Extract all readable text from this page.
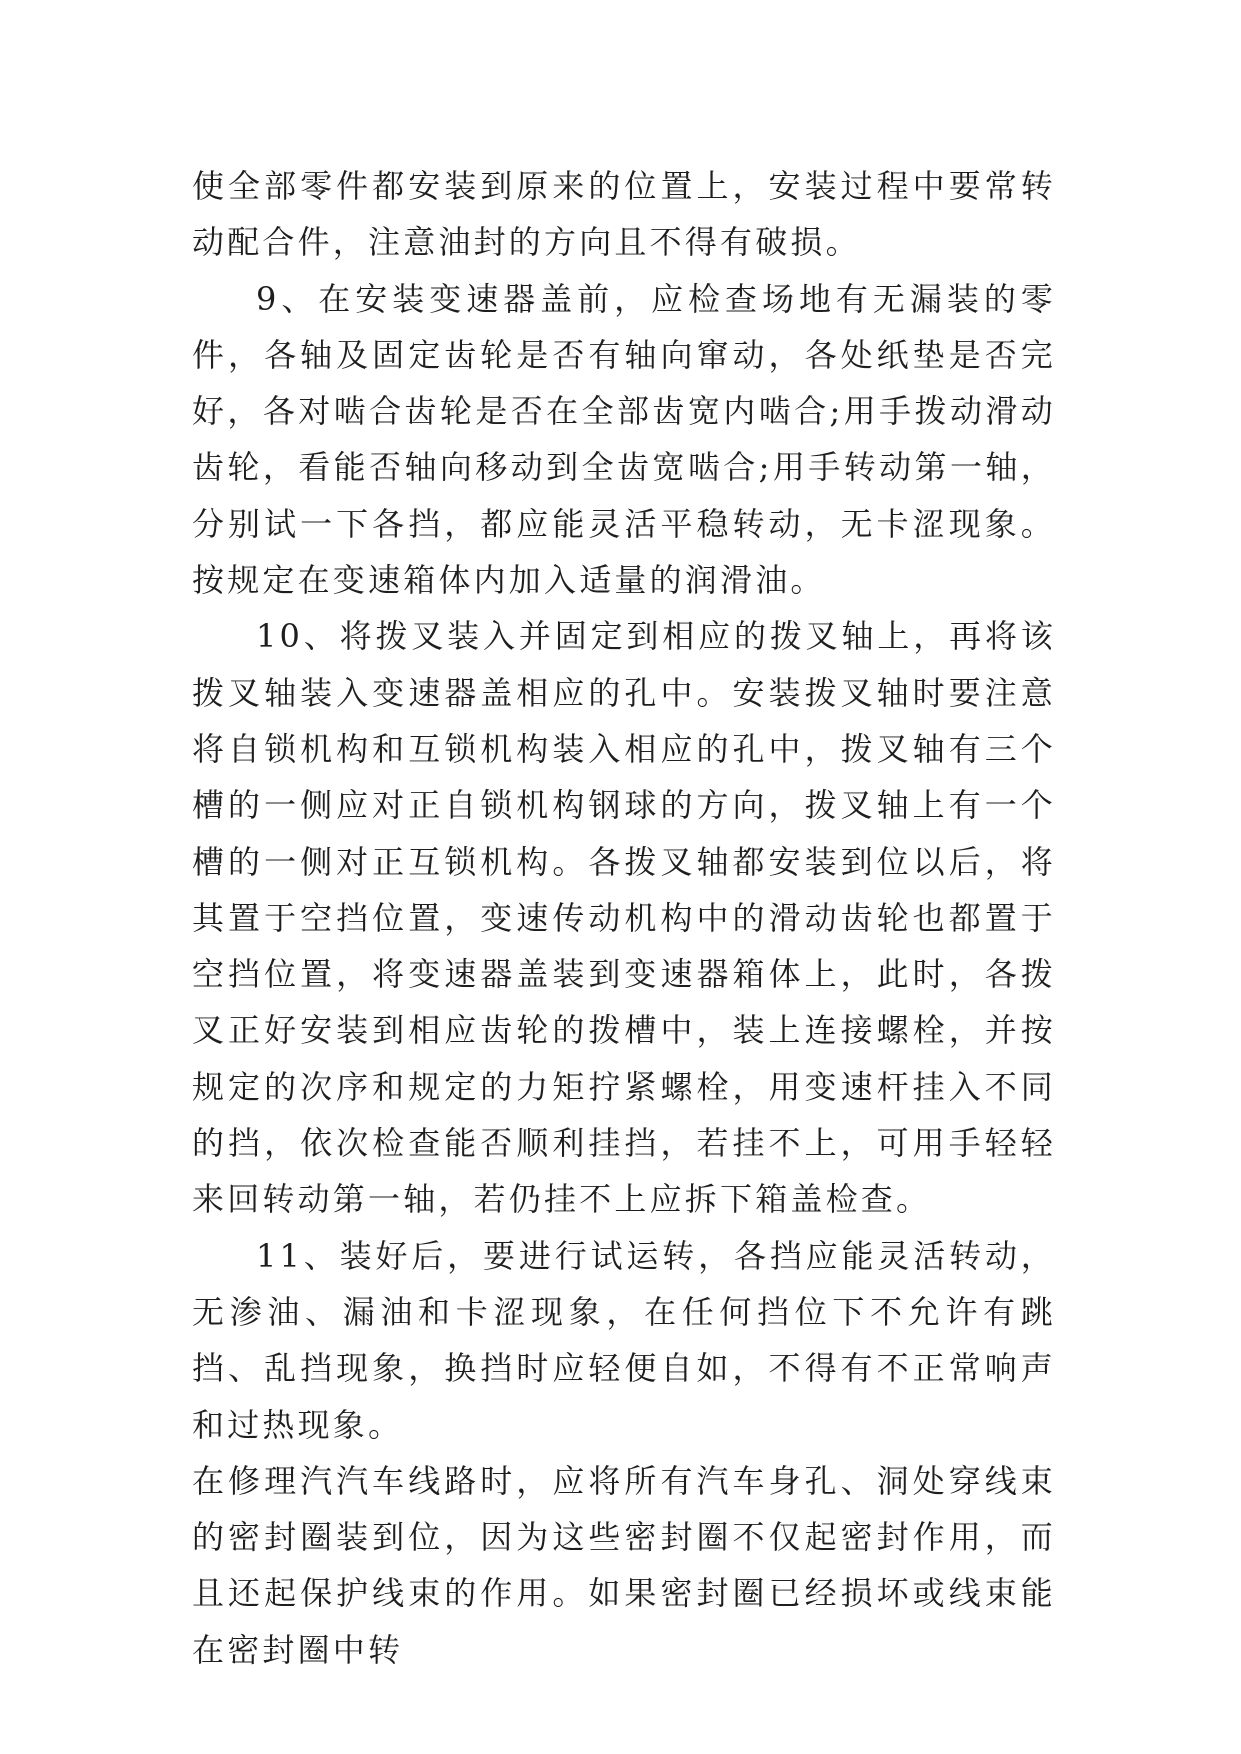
使全部零件都安装到原来的位置上，安装过程中要常转动配合件，注意油封的方向且不得有破损。

9、在安装变速器盖前，应检查场地有无漏装的零件，各轴及固定齿轮是否有轴向窜动，各处纸垫是否完好，各对啮合齿轮是否在全部齿宽内啮合;用手拨动滑动齿轮，看能否轴向移动到全齿宽啮合;用手转动第一轴，分别试一下各挡，都应能灵活平稳转动，无卡涩现象。按规定在变速箱体内加入适量的润滑油。

10、将拨叉装入并固定到相应的拨叉轴上，再将该拨叉轴装入变速器盖相应的孔中。安装拨叉轴时要注意将自锁机构和互锁机构装入相应的孔中，拨叉轴有三个槽的一侧应对正自锁机构钢球的方向，拨叉轴上有一个槽的一侧对正互锁机构。各拨叉轴都安装到位以后，将其置于空挡位置，变速传动机构中的滑动齿轮也都置于空挡位置，将变速器盖装到变速器箱体上，此时，各拨叉正好安装到相应齿轮的拨槽中，装上连接螺栓，并按规定的次序和规定的力矩拧紧螺栓，用变速杆挂入不同的挡，依次检查能否顺利挂挡，若挂不上，可用手轻轻来回转动第一轴，若仍挂不上应拆下箱盖检查。

11、装好后，要进行试运转，各挡应能灵活转动，无渗油、漏油和卡涩现象，在任何挡位下不允许有跳挡、乱挡现象，换挡时应轻便自如，不得有不正常响声和过热现象。

在修理汽汽车线路时，应将所有汽车身孔、洞处穿线束的密封圈装到位，因为这些密封圈不仅起密封作用，而且还起保护线束的作用。如果密封圈已经损坏或线束能在密封圈中转
